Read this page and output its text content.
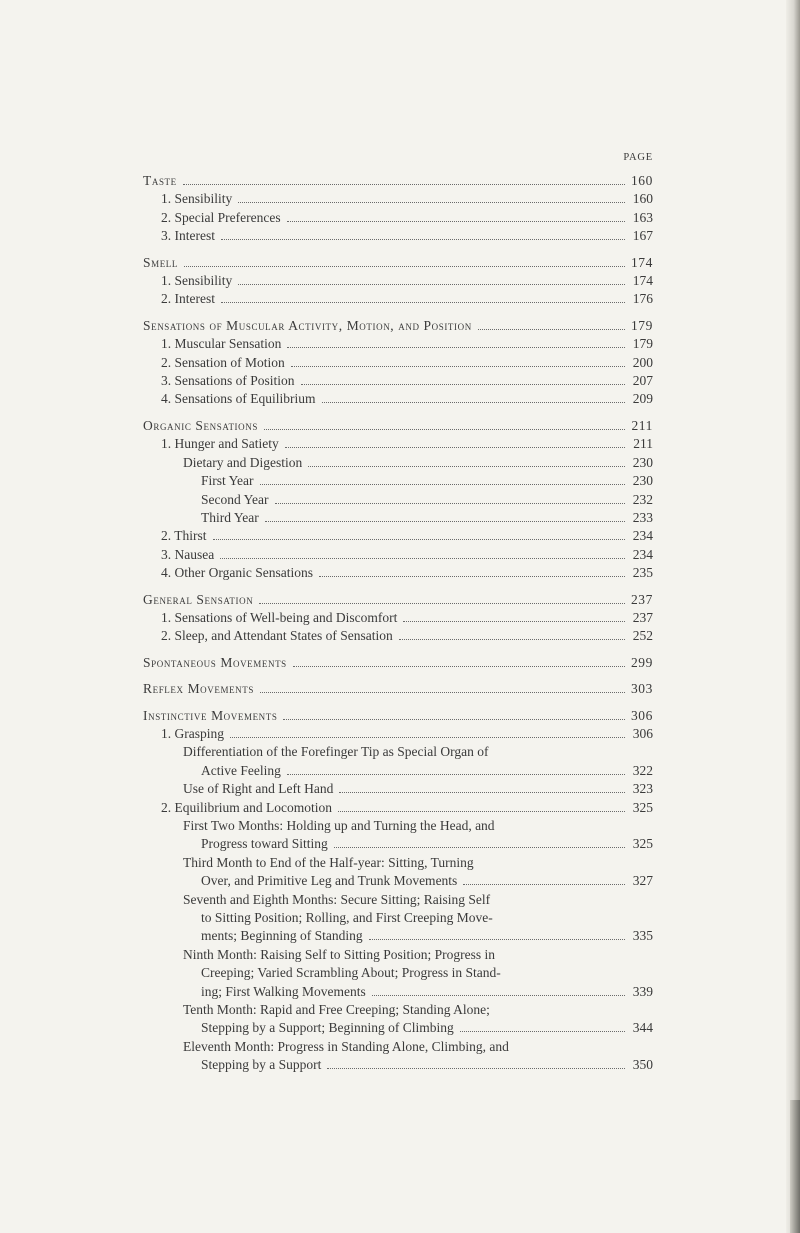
PAGE
Taste	160
1. Sensibility	160
2. Special Preferences	163
3. Interest	167
Smell	174
1. Sensibility	174
2. Interest	176
Sensations of Muscular Activity, Motion, and Position	179
1. Muscular Sensation	179
2. Sensation of Motion	200
3. Sensations of Position	207
4. Sensations of Equilibrium	209
Organic Sensations	211
1. Hunger and Satiety	211
Dietary and Digestion	230
First Year	230
Second Year	232
Third Year	233
2. Thirst	234
3. Nausea	234
4. Other Organic Sensations	235
General Sensation	237
1. Sensations of Well-being and Discomfort	237
2. Sleep, and Attendant States of Sensation	252
Spontaneous Movements	299
Reflex Movements	303
Instinctive Movements	306
1. Grasping	306
Differentiation of the Forefinger Tip as Special Organ of
Active Feeling	322
Use of Right and Left Hand	323
2. Equilibrium and Locomotion	325
First Two Months: Holding up and Turning the Head, and
Progress toward Sitting	325
Third Month to End of the Half-year: Sitting, Turning
Over, and Primitive Leg and Trunk Movements	327
Seventh and Eighth Months: Secure Sitting; Raising Self
to Sitting Position; Rolling, and First Creeping Move-
ments; Beginning of Standing	335
Ninth Month: Raising Self to Sitting Position; Progress in
Creeping; Varied Scrambling About; Progress in Stand-
ing; First Walking Movements	339
Tenth Month: Rapid and Free Creeping; Standing Alone;
Stepping by a Support; Beginning of Climbing	344
Eleventh Month: Progress in Standing Alone, Climbing, and
Stepping by a Support	350
